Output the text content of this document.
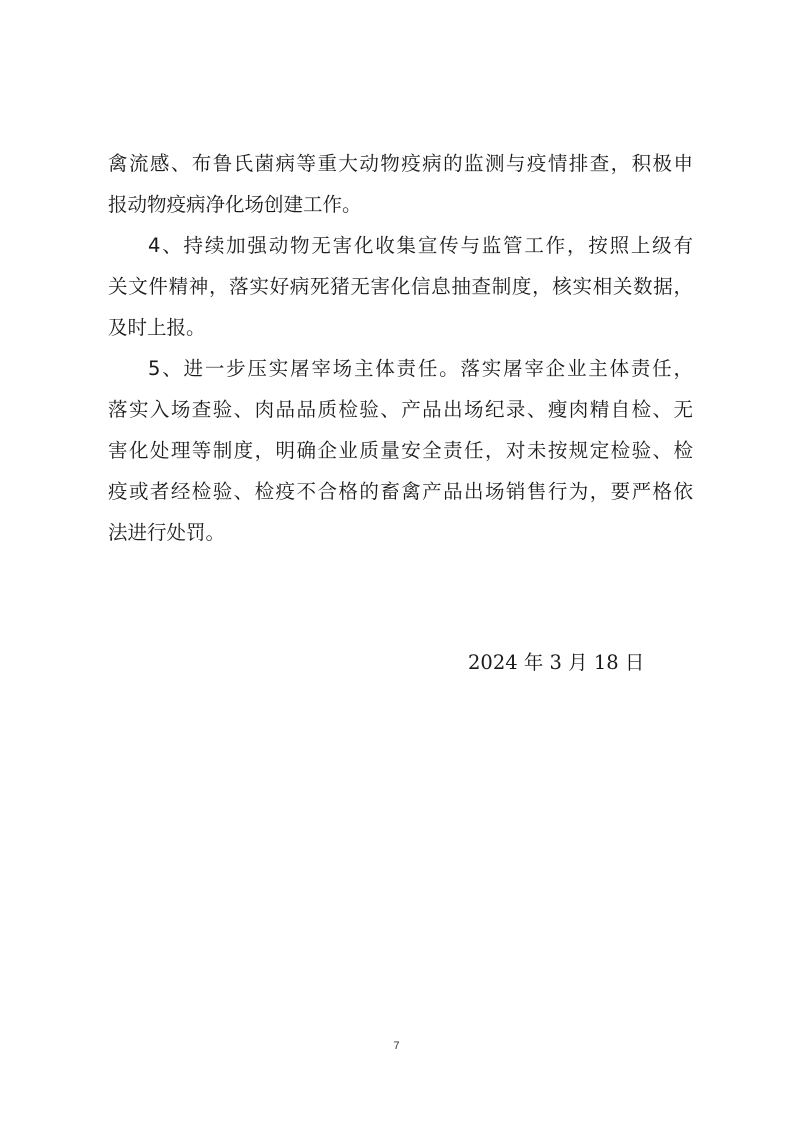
禽流感、布鲁氏菌病等重大动物疫病的监测与疫情排查，积极申
报动物疫病净化场创建工作。
4、持续加强动物无害化收集宣传与监管工作，按照上级有
关文件精神，落实好病死猪无害化信息抽查制度，核实相关数据，
及时上报。
5、进一步压实屠宰场主体责任。落实屠宰企业主体责任，
落实入场查验、肉品品质检验、产品出场纪录、瘦肉精自检、无
害化处理等制度，明确企业质量安全责任，对未按规定检验、检
疫或者经检验、检疫不合格的畜禽产品出场销售行为，要严格依
法进行处罚。
2024 年 3 月 18 日
7
